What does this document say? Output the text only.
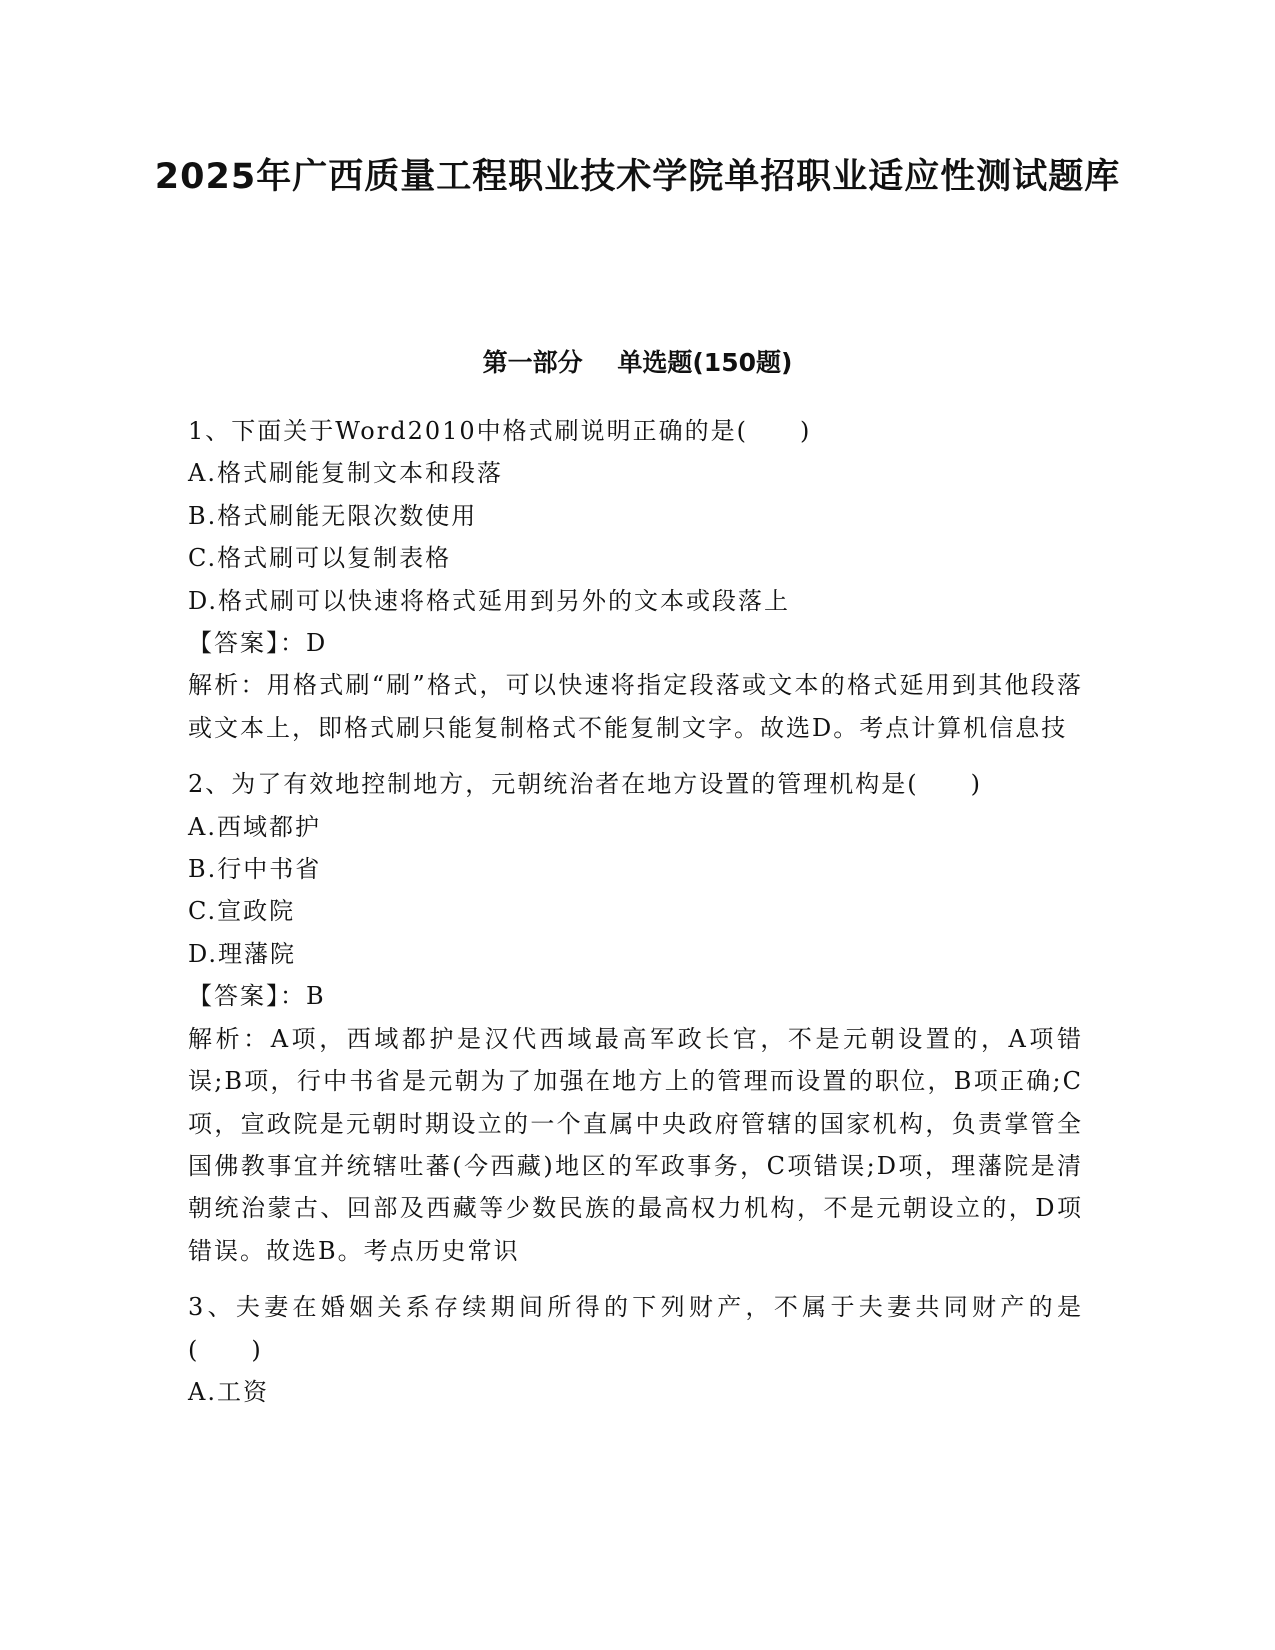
2025年广西质量工程职业技术学院单招职业适应性测试题库
第一部分    单选题(150题)
1、下面关于Word2010中格式刷说明正确的是(　　)
A.格式刷能复制文本和段落
B.格式刷能无限次数使用
C.格式刷可以复制表格
D.格式刷可以快速将格式延用到另外的文本或段落上
【答案】：D
解析：用格式刷“刷”格式，可以快速将指定段落或文本的格式延用到其他段落或文本上，即格式刷只能复制格式不能复制文字。故选D。考点计算机信息技
2、为了有效地控制地方，元朝统治者在地方设置的管理机构是(　　)
A.西域都护
B.行中书省
C.宣政院
D.理藩院
【答案】：B
解析：A项，西域都护是汉代西域最高军政长官，不是元朝设置的，A项错误;B项，行中书省是元朝为了加强在地方上的管理而设置的职位，B项正确;C项，宣政院是元朝时期设立的一个直属中央政府管辖的国家机构，负责掌管全国佛教事宜并统辖吐蕃(今西藏)地区的军政事务，C项错误;D项，理藩院是清朝统治蒙古、回部及西藏等少数民族的最高权力机构，不是元朝设立的，D项错误。故选B。考点历史常识
3、夫妻在婚姻关系存续期间所得的下列财产，不属于夫妻共同财产的是(　　)
A.工资
